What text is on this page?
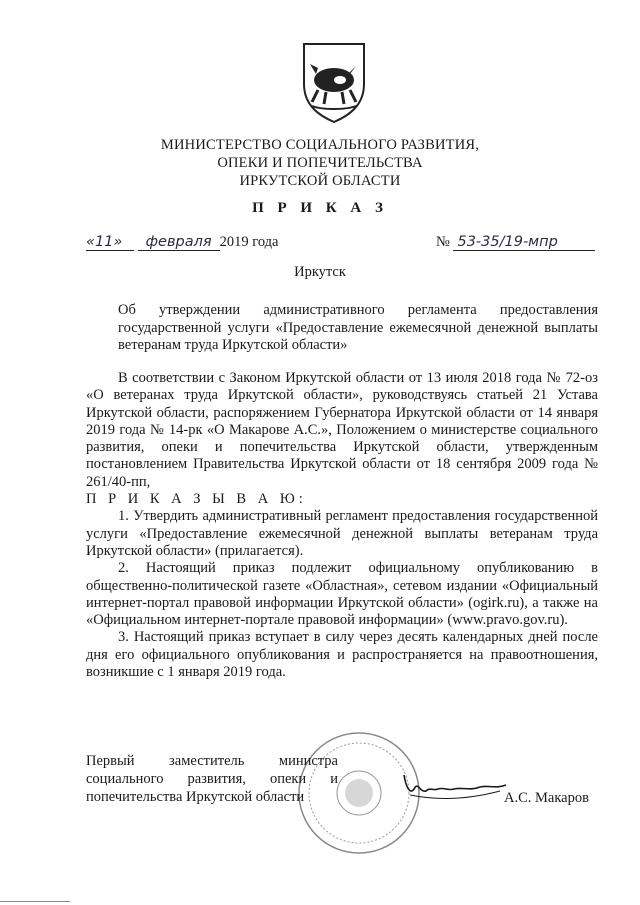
МИНИСТЕРСТВО СОЦИАЛЬНОГО РАЗВИТИЯ,
ОПЕКИ И ПОПЕЧИТЕЛЬСТВА
ИРКУТСКОЙ ОБЛАСТИ
П Р И К А З
«11» февраля 2019 года	№ 53-35/19-мпр
Иркутск
Об утверждении административного регламента предоставления государственной услуги «Предоставление ежемесячной денежной выплаты ветеранам труда Иркутской области»

В соответствии с Законом Иркутской области от 13 июля 2018 года № 72-оз «О ветеранах труда Иркутской области», руководствуясь статьей 21 Устава Иркутской области, распоряжением Губернатора Иркутской области от 14 января 2019 года № 14-рк «О Макарове А.С.», Положением о министерстве социального развития, опеки и попечительства Иркутской области, утвержденным постановлением Правительства Иркутской области от 18 сентября 2009 года № 261/40-пп,

П Р И К А З Ы В А Ю:

1. Утвердить административный регламент предоставления государственной услуги «Предоставление ежемесячной денежной выплаты ветеранам труда Иркутской области» (прилагается).

2. Настоящий приказ подлежит официальному опубликованию в общественно-политической газете «Областная», сетевом издании «Официальный интернет-портал правовой информации Иркутской области» (ogirk.ru), а также на «Официальном интернет-портале правовой информации» (www.pravo.gov.ru).

3. Настоящий приказ вступает в силу через десять календарных дней после дня его официального опубликования и распространяется на правоотношения, возникшие с 1 января 2019 года.

Первый заместитель министра
социального развития, опеки и
попечительства Иркутской области	А.С. Макаров
